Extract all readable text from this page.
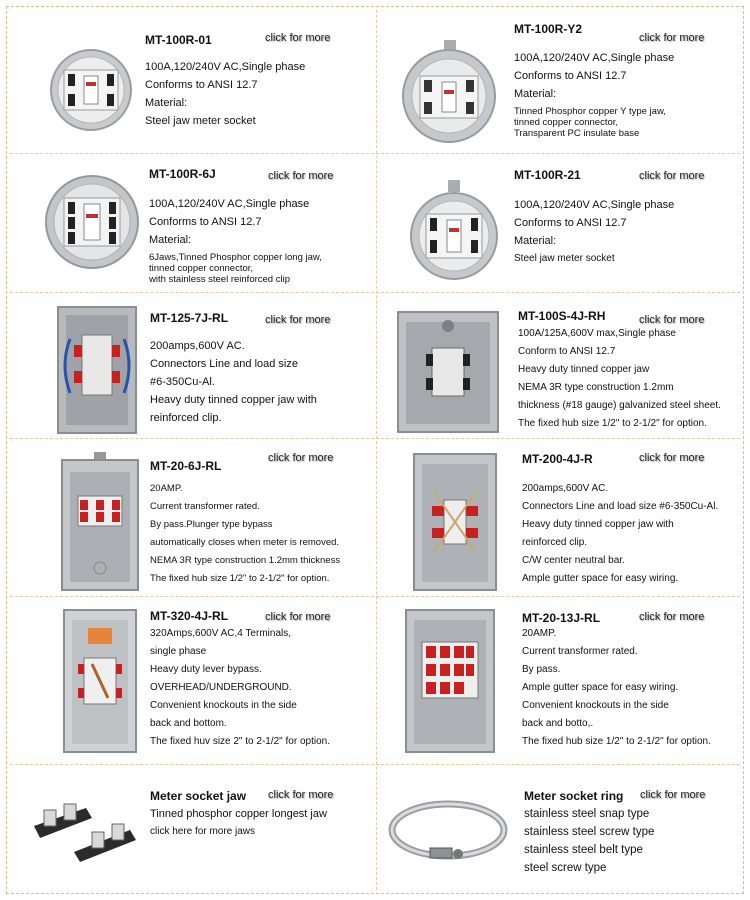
MT-100R-01	click for more
100A,120/240V AC,Single phase
Conforms to ANSI 12.7
Material:
Steel jaw meter socket
MT-100R-Y2
click for more
100A,120/240V AC,Single phase
Conforms to ANSI 12.7
Material:
Tinned Phosphor copper Y type jaw,
tinned copper connector,
Transparent PC insulate base
MT-100R-6J	click for more
100A,120/240V AC,Single phase
Conforms to ANSI 12.7
Material:
6Jaws,Tinned Phosphor copper long jaw,
tinned copper connector,
with stainless steel reinforced clip
MT-100R-21	click for more
100A,120/240V AC,Single phase
Conforms to ANSI 12.7
Material:
Steel jaw meter socket
MT-125-7J-RL	click for more
200amps,600V AC.
Connectors Line and load size
#6-350Cu-Al.
Heavy duty tinned copper jaw with
reinforced clip.
MT-100S-4J-RH	click for more
100A/125A,600V max,Single phase
Conform to ANSI 12.7
Heavy duty tinned copper jaw
NEMA 3R type construction 1.2mm
thickness (#18 gauge) galvanized steel sheet.
The fixed hub size 1/2" to 2-1/2" for option.
MT-20-6J-RL
click for more
20AMP.
Current transformer rated.
By pass.Plunger type bypass
automatically closes when meter is removed.
NEMA 3R type construction 1.2mm thickness
The fixed hub size 1/2" to 2-1/2" for option.
MT-200-4J-R	click for more
200amps,600V AC.
Connectors Line and load size #6-350Cu-Al.
Heavy duty tinned copper jaw with
reinforced clip.
C/W center neutral bar.
Ample gutter space for easy wiring.
MT-320-4J-RL	click for more
320Amps,600V AC,4 Terminals,
single phase
Heavy duty lever bypass.
OVERHEAD/UNDERGROUND.
Convenient knockouts in the side
back and bottom.
The fixed huv size 2" to 2-1/2" for option.
MT-20-13J-RL	click for more
20AMP.
Current transformer rated.
By pass.
Ample gutter space for easy wiring.
Convenient knockouts in the side
back and botto,.
The fixed hub size 1/2" to 2-1/2" for option.
Meter socket jaw click for more
Tinned phosphor copper longest jaw
click here for more jaws
Meter socket ring click for more
stainless steel snap type
stainless steel screw type
stainless steel belt type
steel screw type
